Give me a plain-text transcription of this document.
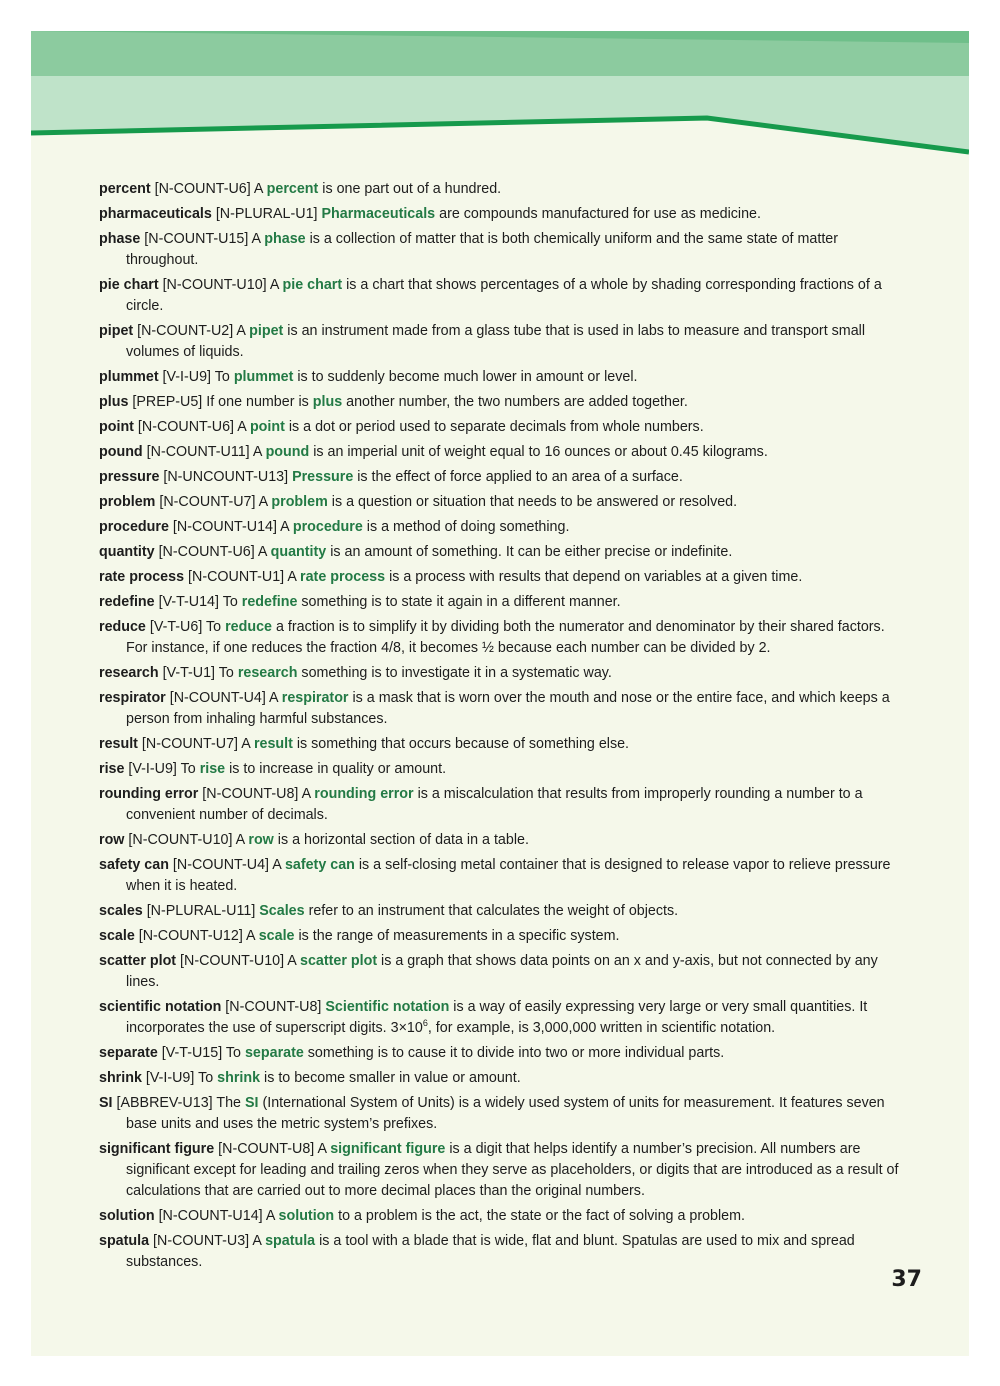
percent [N-COUNT-U6] A percent is one part out of a hundred.

pharmaceuticals [N-PLURAL-U1] Pharmaceuticals are compounds manufactured for use as medicine.

phase [N-COUNT-U15] A phase is a collection of matter that is both chemically uniform and the same state of matter throughout.

pie chart [N-COUNT-U10] A pie chart is a chart that shows percentages of a whole by shading corresponding fractions of a circle.

pipet [N-COUNT-U2] A pipet is an instrument made from a glass tube that is used in labs to measure and transport small volumes of liquids.

plummet [V-I-U9] To plummet is to suddenly become much lower in amount or level.

plus [PREP-U5] If one number is plus another number, the two numbers are added together.

point [N-COUNT-U6] A point is a dot or period used to separate decimals from whole numbers.

pound [N-COUNT-U11] A pound is an imperial unit of weight equal to 16 ounces or about 0.45 kilograms.

pressure [N-UNCOUNT-U13] Pressure is the effect of force applied to an area of a surface.

problem [N-COUNT-U7] A problem is a question or situation that needs to be answered or resolved.

procedure [N-COUNT-U14] A procedure is a method of doing something.

quantity [N-COUNT-U6] A quantity is an amount of something. It can be either precise or indefinite.

rate process [N-COUNT-U1] A rate process is a process with results that depend on variables at a given time.

redefine [V-T-U14] To redefine something is to state it again in a different manner.

reduce [V-T-U6] To reduce a fraction is to simplify it by dividing both the numerator and denominator by their shared factors. For instance, if one reduces the fraction 4/8, it becomes ½ because each number can be divided by 2.

research [V-T-U1] To research something is to investigate it in a systematic way.

respirator [N-COUNT-U4] A respirator is a mask that is worn over the mouth and nose or the entire face, and which keeps a person from inhaling harmful substances.

result [N-COUNT-U7] A result is something that occurs because of something else.

rise [V-I-U9] To rise is to increase in quality or amount.

rounding error [N-COUNT-U8] A rounding error is a miscalculation that results from improperly rounding a number to a convenient number of decimals.

row [N-COUNT-U10] A row is a horizontal section of data in a table.

safety can [N-COUNT-U4] A safety can is a self-closing metal container that is designed to release vapor to relieve pressure when it is heated.

scales [N-PLURAL-U11] Scales refer to an instrument that calculates the weight of objects.

scale [N-COUNT-U12] A scale is the range of measurements in a specific system.

scatter plot [N-COUNT-U10] A scatter plot is a graph that shows data points on an x and y-axis, but not connected by any lines.

scientific notation [N-COUNT-U8] Scientific notation is a way of easily expressing very large or very small quantities. It incorporates the use of superscript digits. $3\times 10^6$, for example, is 3,000,000 written in scientific notation.

separate [V-T-U15] To separate something is to cause it to divide into two or more individual parts.

shrink [V-I-U9] To shrink is to become smaller in value or amount.

SI [ABBREV-U13] The SI (International System of Units) is a widely used system of units for measurement. It features seven base units and uses the metric system’s prefixes.

significant figure [N-COUNT-U8] A significant figure is a digit that helps identify a number’s precision. All numbers are significant except for leading and trailing zeros when they serve as placeholders, or digits that are introduced as a result of calculations that are carried out to more decimal places than the original numbers.

solution [N-COUNT-U14] A solution to a problem is the act, the state or the fact of solving a problem.

spatula [N-COUNT-U3] A spatula is a tool with a blade that is wide, flat and blunt. Spatulas are used to mix and spread substances.

37
